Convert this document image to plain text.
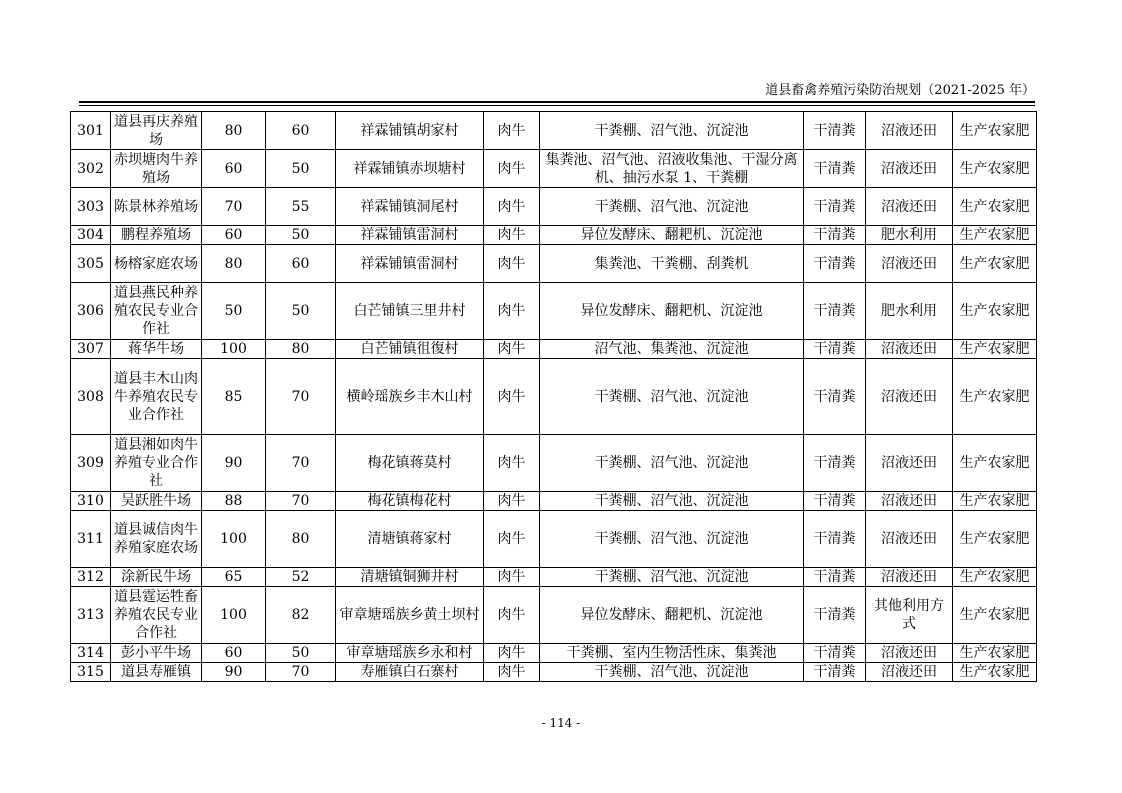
道县畜禽养殖污染防治规划（2021-2025 年）
301	道县再庆养殖场	80	60	祥霖铺镇胡家村	肉牛	干粪棚、沼气池、沉淀池	干清粪	沼液还田	生产农家肥
302	赤坝塘肉牛养殖场	60	50	祥霖铺镇赤坝塘村	肉牛	集粪池、沼气池、沼液收集池、干湿分离 机、抽污水泵 1、干粪棚	干清粪	沼液还田	生产农家肥
303	陈景林养殖场	70	55	祥霖铺镇洞尾村	肉牛	干粪棚、沼气池、沉淀池	干清粪	沼液还田	生产农家肥
304	鹏程养殖场	60	50	祥霖铺镇雷洞村	肉牛	异位发酵床、翻耙机、沉淀池	干清粪	肥水利用	生产农家肥
305	杨榕家庭农场	80	60	祥霖铺镇雷洞村	肉牛	集粪池、干粪棚、刮粪机	干清粪	沼液还田	生产农家肥
306	道县燕民种养殖农民专业合作社	50	50	白芒铺镇三里井村	肉牛	异位发酵床、翻耙机、沉淀池	干清粪	肥水利用	生产农家肥
307	蒋华牛场	100	80	白芒铺镇徂復村	肉牛	沼气池、集粪池、沉淀池	干清粪	沼液还田	生产农家肥
308	道县丰木山肉牛养殖农民专业合作社	85	70	横岭瑶族乡丰木山村	肉牛	干粪棚、沼气池、沉淀池	干清粪	沼液还田	生产农家肥
309	道县湘如肉牛养殖专业合作社	90	70	梅花镇蒋莫村	肉牛	干粪棚、沼气池、沉淀池	干清粪	沼液还田	生产农家肥
310	吴跃胜牛场	88	70	梅花镇梅花村	肉牛	干粪棚、沼气池、沉淀池	干清粪	沼液还田	生产农家肥
311	道县诚信肉牛养殖家庭农场	100	80	清塘镇蒋家村	肉牛	干粪棚、沼气池、沉淀池	干清粪	沼液还田	生产农家肥
312	涂新民牛场	65	52	清塘镇铜狮井村	肉牛	干粪棚、沼气池、沉淀池	干清粪	沼液还田	生产农家肥
313	道县霆运牲畜养殖农民专业合作社	100	82	审章塘瑶族乡黄土坝村	肉牛	异位发酵床、翻耙机、沉淀池	干清粪	其他利用方式	生产农家肥
314	彭小平牛场	60	50	审章塘瑶族乡永和村	肉牛	干粪棚、室内生物活性床、集粪池	干清粪	沼液还田	生产农家肥
315	道县寿雁镇	90	70	寿雁镇白石寨村	肉牛	干粪棚、沼气池、沉淀池	干清粪	沼液还田	生产农家肥
- 114 -
